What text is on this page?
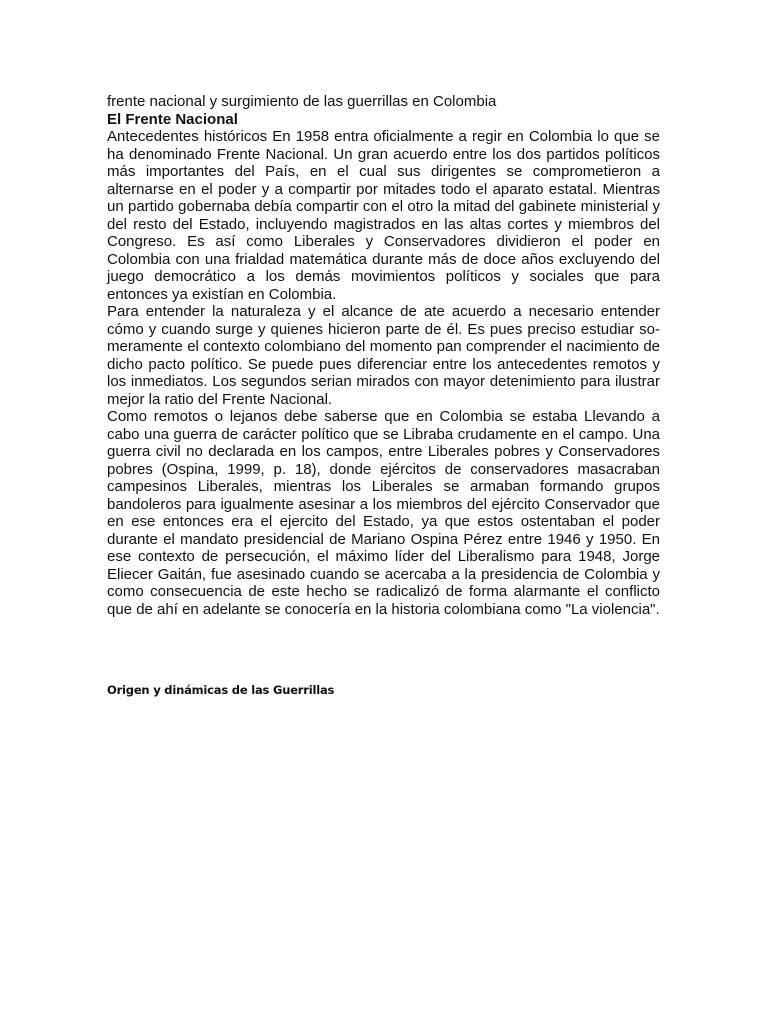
frente nacional y surgimiento de las guerrillas en Colombia

El Frente Nacional

Antecedentes históricos En 1958 entra oficialmente a regir en Colombia lo que se ha denominado Frente Nacional. Un gran acuerdo entre los dos partidos políticos más importantes del País, en el cual sus dirigentes se comprometieron a alternarse en el poder y a compartir por mitades todo el aparato estatal. Mientras un partido gobernaba debía compartir con el otro la mitad del gabinete ministerial y del resto del Estado, incluyendo magistrados en las altas cortes y miembros del Congreso. Es así como Liberales y Conservadores dividieron el poder en Colombia con una frialdad matemática durante más de doce años excluyendo del juego democrático a los demás movimientos políticos y sociales que para entonces ya existían en Colombia.

Para entender la naturaleza y el alcance de ate acuerdo a necesario entender cómo y cuando surge y quienes hicieron parte de él. Es pues preciso estudiar so-meramente el contexto colombiano del momento pan comprender el nacimiento de dicho pacto político. Se puede pues diferenciar entre los antecedentes remotos y los inmediatos. Los segundos serian mirados con mayor detenimiento para ilustrar mejor la ratio del Frente Nacional.

Como remotos o lejanos debe saberse que en Colombia se estaba Llevando a cabo una guerra de carácter político que se Libraba crudamente en el campo. Una guerra civil no declarada en los campos, entre Liberales pobres y Conservadores pobres (Ospina, 1999, p. 18), donde ejércitos de conservadores masacraban campesinos Liberales, mientras los Liberales se armaban formando grupos bandoleros para igualmente asesinar a los miembros del ejército Conservador que en ese entonces era el ejercito del Estado, ya que estos ostentaban el poder durante el mandato presidencial de Mariano Ospina Pérez entre 1946 y 1950. En ese contexto de persecución, el máximo líder del Liberalismo para 1948, Jorge Eliecer Gaitán, fue asesinado cuando se acercaba a la presidencia de Colombia y como consecuencia de este hecho se radicalizó de forma alarmante el conflicto que de ahí en adelante se conocería en la historia colombiana como "La violencia".

Origen y dinámicas de las Guerrillas
